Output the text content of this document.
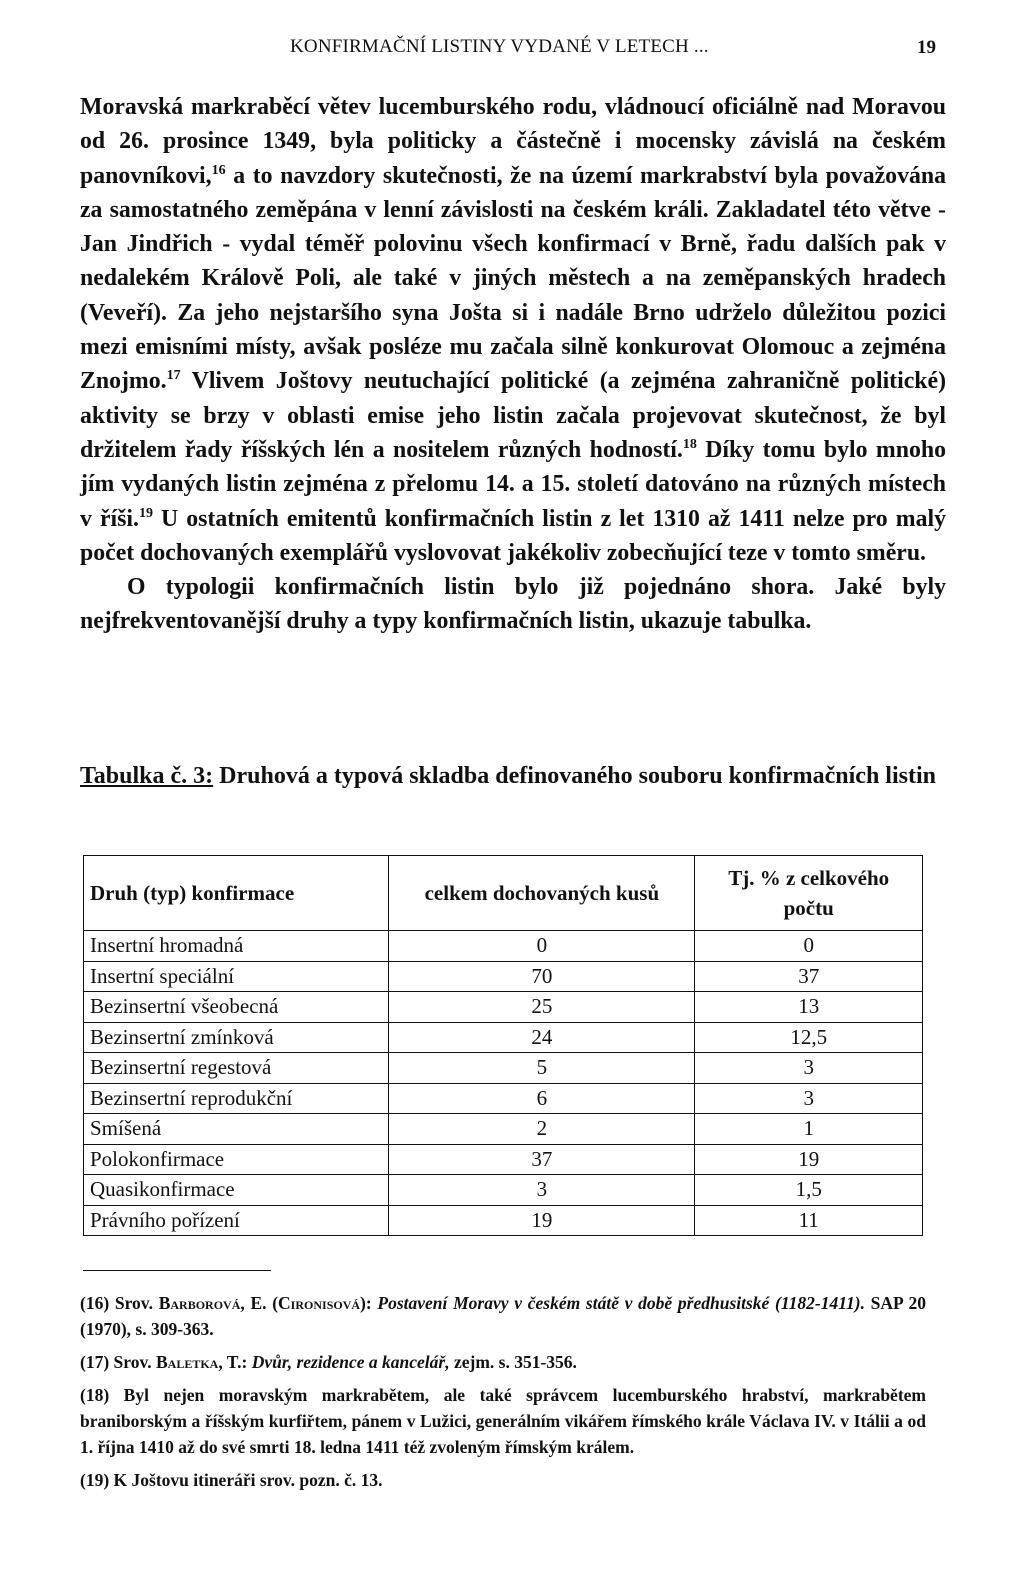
KONFIRMAČNÍ LISTINY VYDANÉ V LETECH ...	19

Moravská markraběcí větev lucemburského rodu, vládnoucí oficiálně nad Moravou od 26. prosince 1349, byla politicky a částečně i mocensky závislá na českém panovníkovi,$^{16}$ a to navzdory skutečnosti, že na území markrabství byla považována za samostatného zeměpána v lenní závislosti na českém králi. Zakladatel této větve - Jan Jindřich - vydal téměř polovinu všech konfirmací v Brně, řadu dalších pak v nedalekém Králově Poli, ale také v jiných městech a na zeměpanských hradech (Veveří). Za jeho nejstaršího syna Jošta si i nadále Brno udrželo důležitou pozici mezi emisními místy, avšak posléze mu začala silně konkurovat Olomouc a zejména Znojmo.$^{17}$ Vlivem Joštovy neutuchající politické (a zejména zahraničně politické) aktivity se brzy v oblasti emise jeho listin začala projevovat skutečnost, že byl držitelem řady říšských lén a nositelem různých hodností.$^{18}$ Díky tomu bylo mnoho jím vydaných listin zejména z přelomu 14. a 15. století datováno na různých místech v říši.$^{19}$ U ostatních emitentů konfirmačních listin z let 1310 až 1411 nelze pro malý počet dochovaných exemplářů vyslovovat jakékoliv zobecňující teze v tomto směru.

O typologii konfirmačních listin bylo již pojednáno shora. Jaké byly nejfrekventovanější druhy a typy konfirmačních listin, ukazuje tabulka.

Tabulka č. 3: Druhová a typová skladba definovaného souboru konfirmačních listin
Druh (typ) konfirmace	celkem dochovaných kusů	Tj. % z celkového počtu
Insertní hromadná	0	0
Insertní speciální	70	37
Bezinsertní všeobecná	25	13
Bezinsertní zmínková	24	12,5
Bezinsertní regestová	5	3
Bezinsertní reprodukční	6	3
Smíšená	2	1
Polokonfirmace	37	19
Quasikonfirmace	3	1,5
Právního pořízení	19	11

(16) Srov. Barborová, E. (Cironisová): Postavení Moravy v českém státě v době předhusitské (1182-1411). SAP 20 (1970), s. 309-363.

(17) Srov. Baletka, T.: Dvůr, rezidence a kancelář, zejm. s. 351-356.

(18) Byl nejen moravským markrabětem, ale také správcem lucemburského hrabství, markrabětem braniborským a říšským kurfiřtem, pánem v Lužici, generálním vikářem římského krále Václava IV. v Itálii a od 1. října 1410 až do své smrti 18. ledna 1411 též zvoleným římským králem.

(19) K Joštovu itineráři srov. pozn. č. 13.
